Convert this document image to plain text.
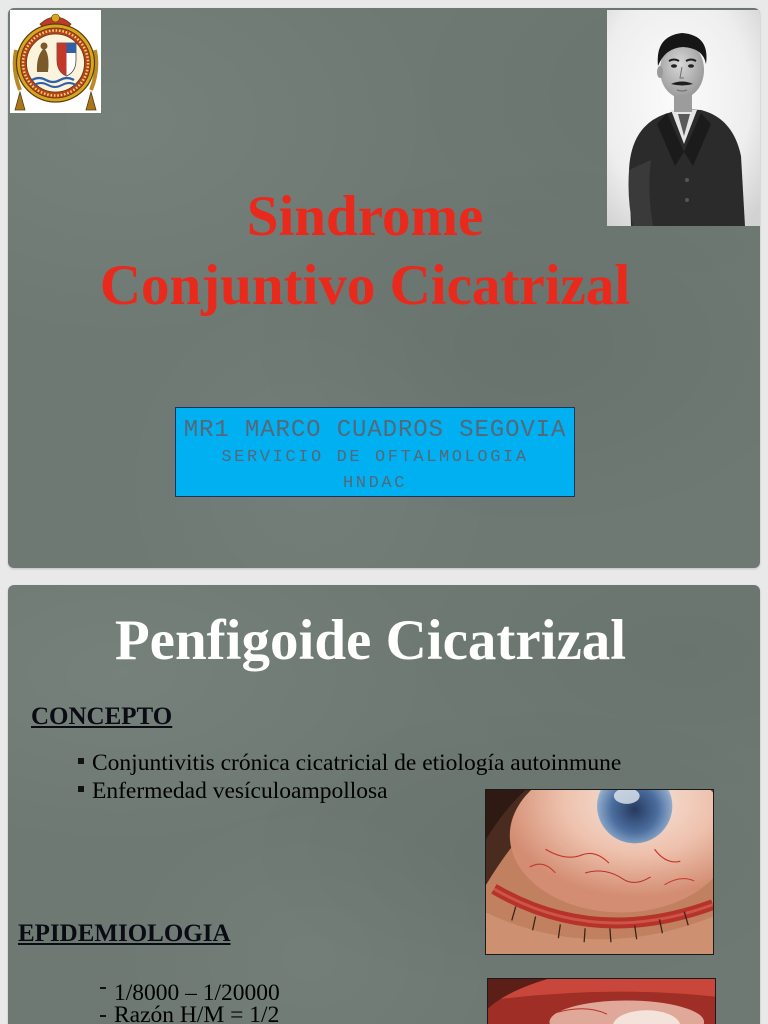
Sindrome
Conjuntivo Cicatrizal
MR1 MARCO CUADROS SEGOVIA
SERVICIO DE OFTALMOLOGIA
HNDAC
Penfigoide Cicatrizal
CONCEPTO
Conjuntivitis crónica cicatricial de etiología autoinmune
Enfermedad vesículoampollosa
EPIDEMIOLOGIA
1/8000 – 1/20000
Razón H/M = 1/2
